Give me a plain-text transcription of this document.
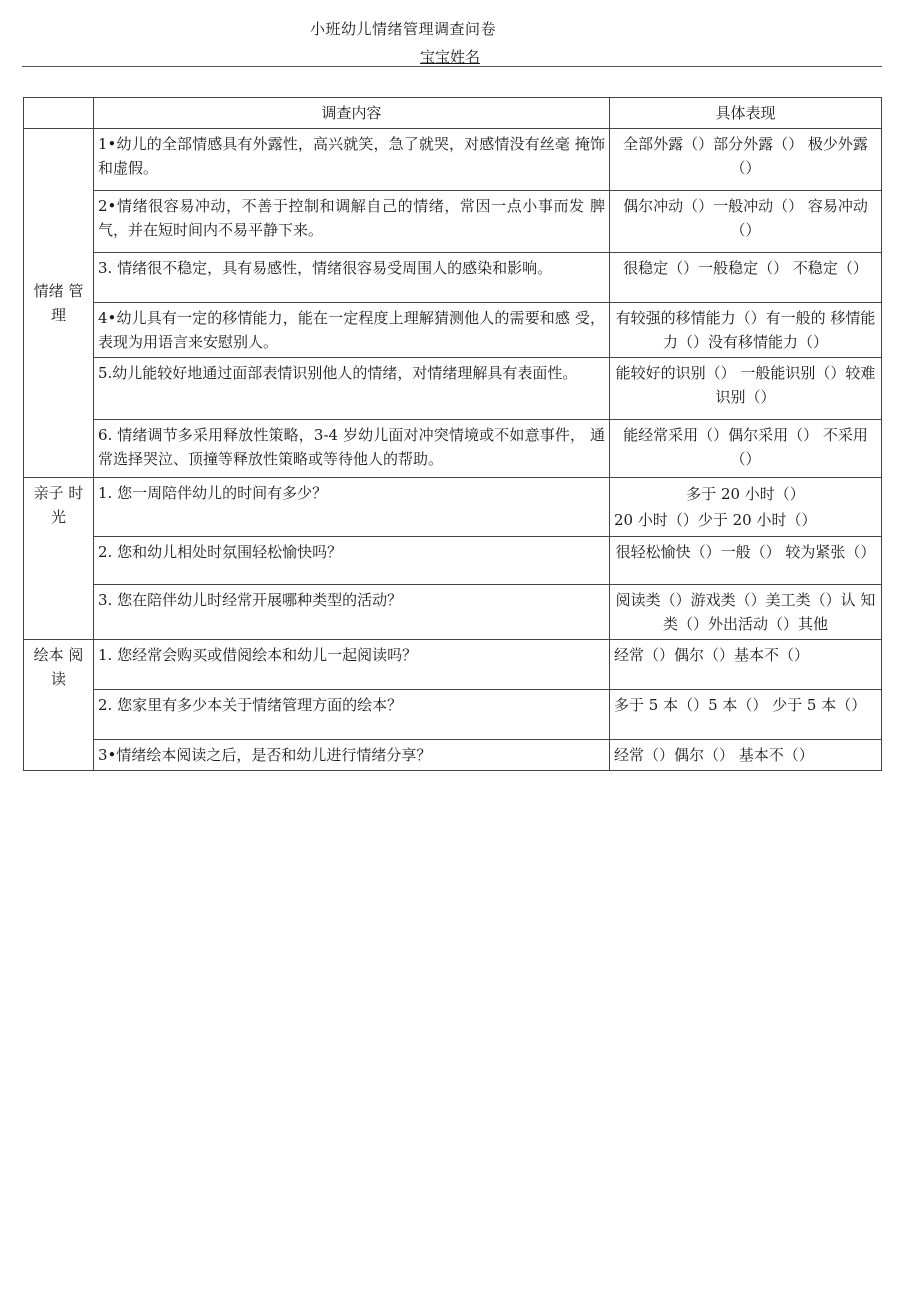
小班幼儿情绪管理调查问卷
宝宝姓名
	调查内容	具体表现
情绪 管理	1•幼儿的全部情感具有外露性，高兴就笑，急了就哭，对感情没有丝毫 掩饰和虚假。	全部外露（）部分外露（） 极少外露（）
	2•情绪很容易冲动，不善于控制和调解自己的情绪，常因一点小事而发 脾气，并在短时间内不易平静下来。	偶尔冲动（）一般冲动（） 容易冲动（）
	3. 情绪很不稳定，具有易感性，情绪很容易受周围人的感染和影响。	很稳定（）一般稳定（） 不稳定（）
	4•幼儿具有一定的移情能力，能在一定程度上理解猜测他人的需要和感 受，表现为用语言来安慰别人。	有较强的移情能力（）有一般的 移情能力（）没有移情能力（）
	5.幼儿能较好地通过面部表情识别他人的情绪，对情绪理解具有表面性。	能较好的识别（） 一般能识别（）较难识别（）
	6. 情绪调节多采用释放性策略，3-4 岁幼儿面对冲突情境或不如意事件， 通常选择哭泣、顶撞等释放性策略或等待他人的帮助。	能经常采用（）偶尔采用（） 不采用（）
亲子 时光	1. 您一周陪伴幼儿的时间有多少？	多于 20 小时（）
20 小时（）少于 20 小时（）

	2. 您和幼儿相处时氛围轻松愉快吗？	很轻松愉快（）一般（） 较为紧张（）
	3. 您在陪伴幼儿时经常开展哪种类型的活动？	阅读类（）游戏类（）美工类（）认 知类（）外出活动（）其他
绘本 阅读	1. 您经常会购买或借阅绘本和幼儿一起阅读吗？	经常（）偶尔（）基本不（）
	2. 您家里有多少本关于情绪管理方面的绘本？	多于 5 本（）5 本（） 少于 5 本（）
	3•情绪绘本阅读之后，是否和幼儿进行情绪分享？	经常（）偶尔（） 基本不（）
